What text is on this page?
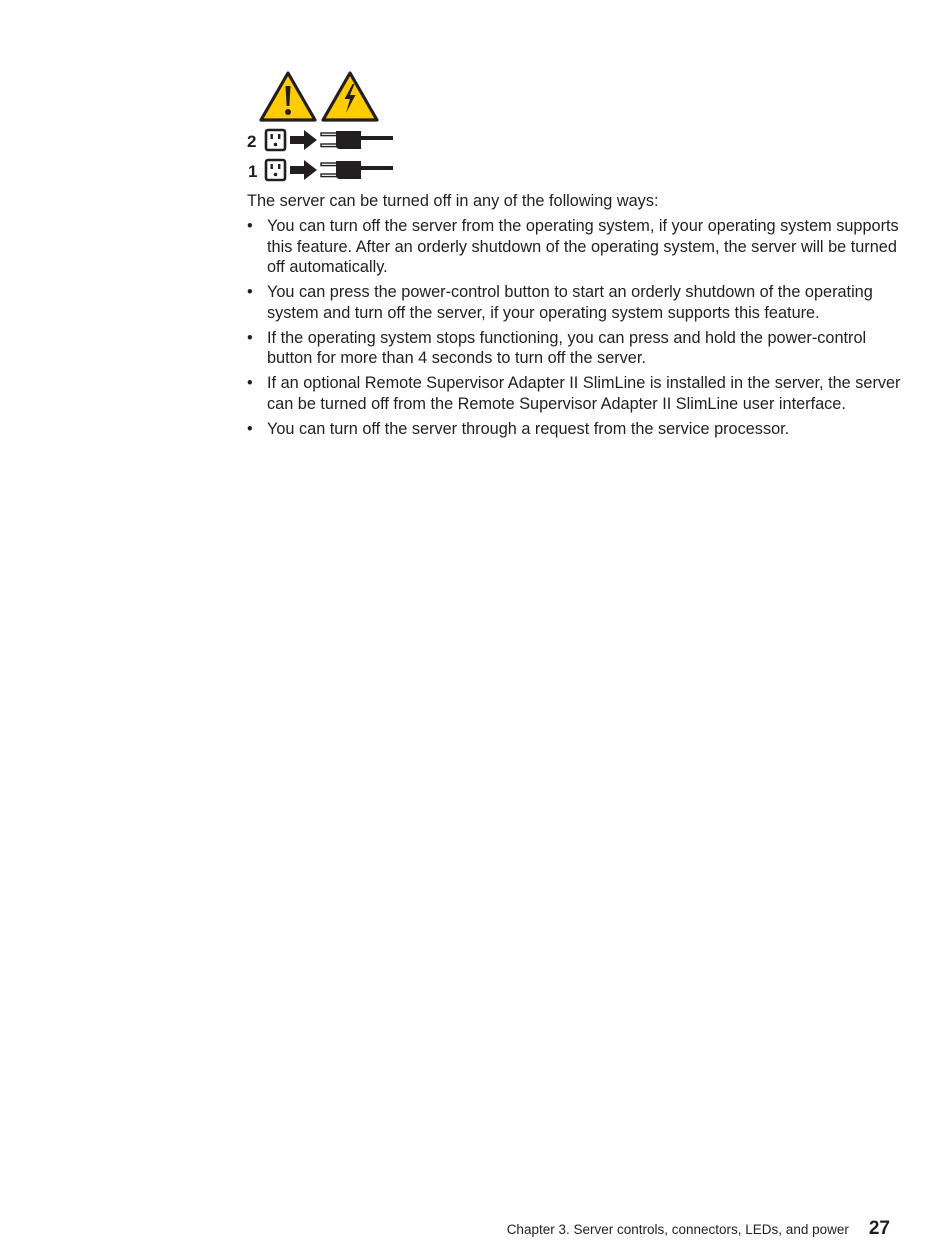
2
1

The server can be turned off in any of the following ways:

• You can turn off the server from the operating system, if your operating system supports this feature. After an orderly shutdown of the operating system, the server will be turned off automatically.
• You can press the power-control button to start an orderly shutdown of the operating system and turn off the server, if your operating system supports this feature.
• If the operating system stops functioning, you can press and hold the power-control button for more than 4 seconds to turn off the server.
• If an optional Remote Supervisor Adapter II SlimLine is installed in the server, the server can be turned off from the Remote Supervisor Adapter II SlimLine user interface.
• You can turn off the server through a request from the service processor.
Chapter 3. Server controls, connectors, LEDs, and power 27
